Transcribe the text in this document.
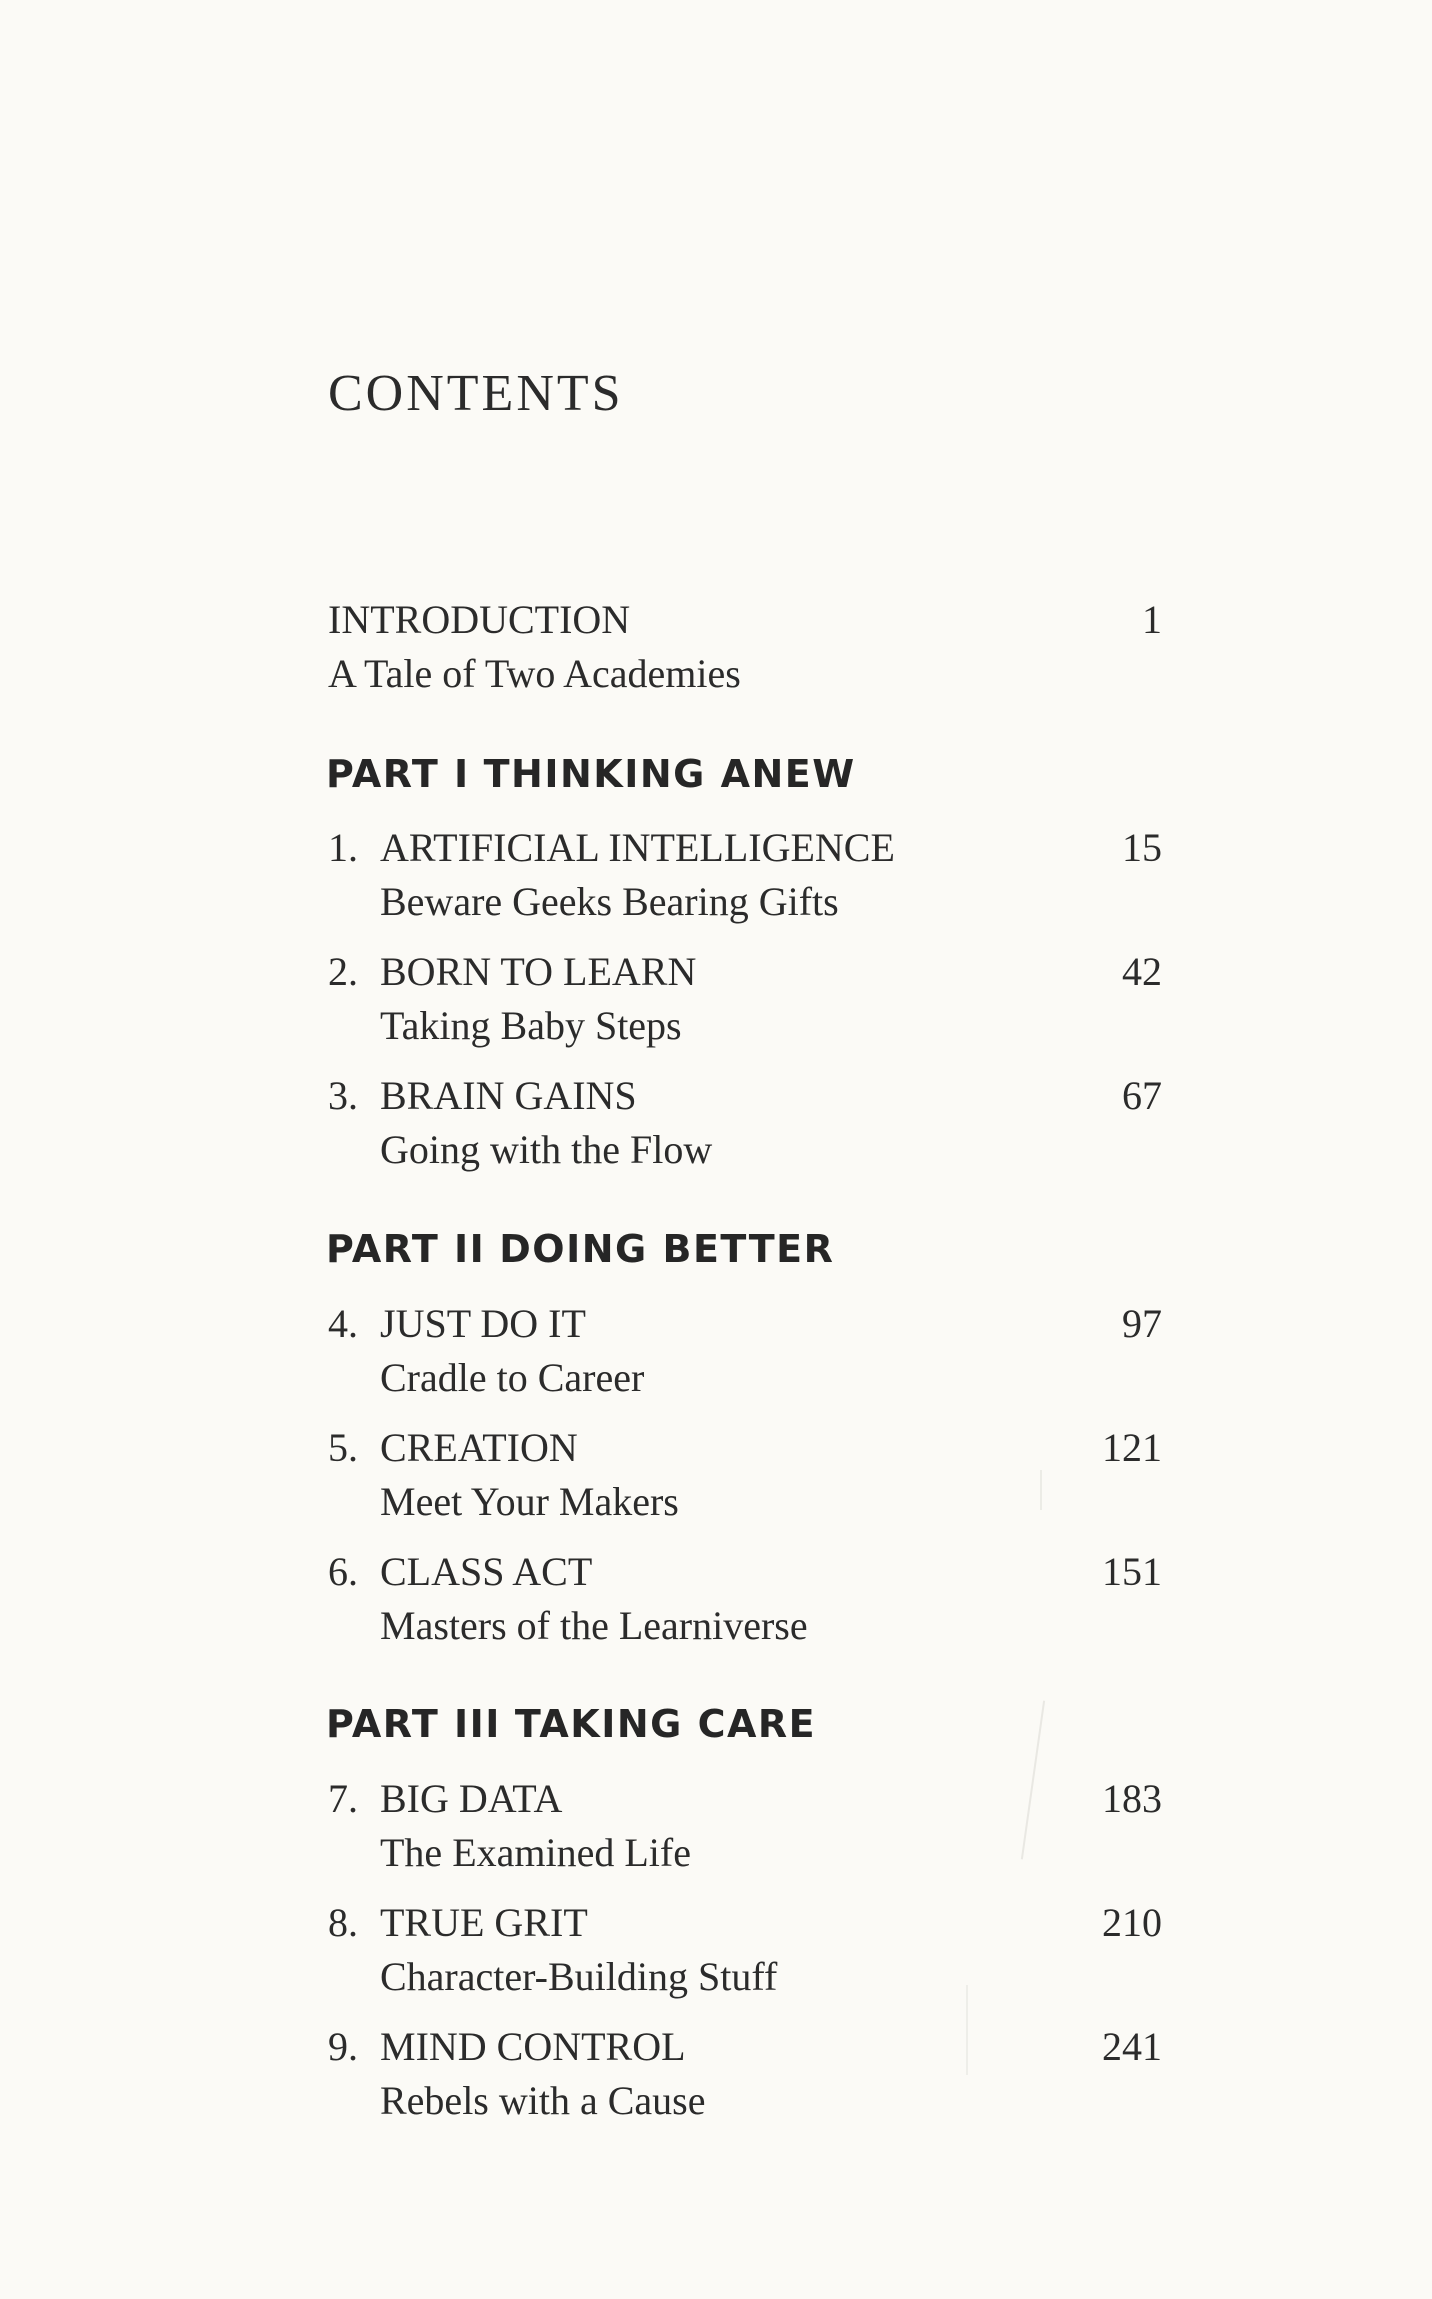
CONTENTS
INTRODUCTION	1
A Tale of Two Academies
PART I THINKING ANEW
1. ARTIFICIAL INTELLIGENCE	15
Beware Geeks Bearing Gifts
2. BORN TO LEARN	42
Taking Baby Steps
3. BRAIN GAINS	67
Going with the Flow
PART II DOING BETTER
4. JUST DO IT	97
Cradle to Career
5. CREATION	121
Meet Your Makers
6. CLASS ACT	151
Masters of the Learniverse
PART III TAKING CARE
7. BIG DATA	183
The Examined Life
8. TRUE GRIT	210
Character-Building Stuff
9. MIND CONTROL	241
Rebels with a Cause
